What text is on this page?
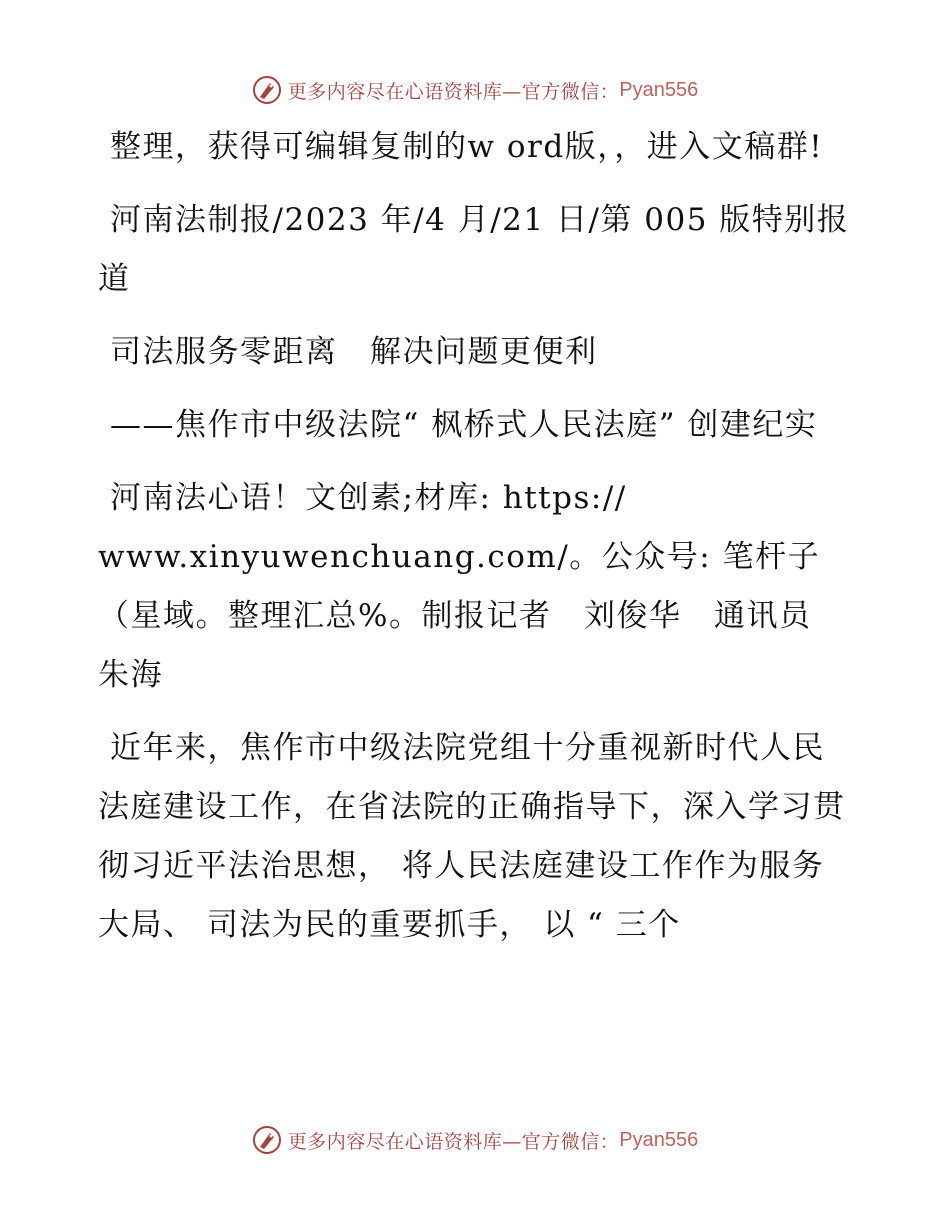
更多内容尽在心语资料库—官方微信： Pyan556

整理，获得可编辑复制的w ord版，，进入文稿群!

河南法制报/2023 年/4 月/21 日/第 005 版特别报道

司法服务零距离　解决问题更便利

——焦作市中级法院“ 枫桥式人民法庭” 创建纪实

河南法心语！文创素;材库: https://
www.xinyuwenchuang.com/。公众号: 笔杆子（星域。整理汇总%。制报记者　刘俊华　通讯员　朱海

近年来，焦作市中级法院党组十分重视新时代人民法庭建设工作，在省法院的正确指导下，深入学习贯彻习近平法治思想， 将人民法庭建设工作作为服务大局、 司法为民的重要抓手， 以 “ 三个

更多内容尽在心语资料库—官方微信： Pyan556
